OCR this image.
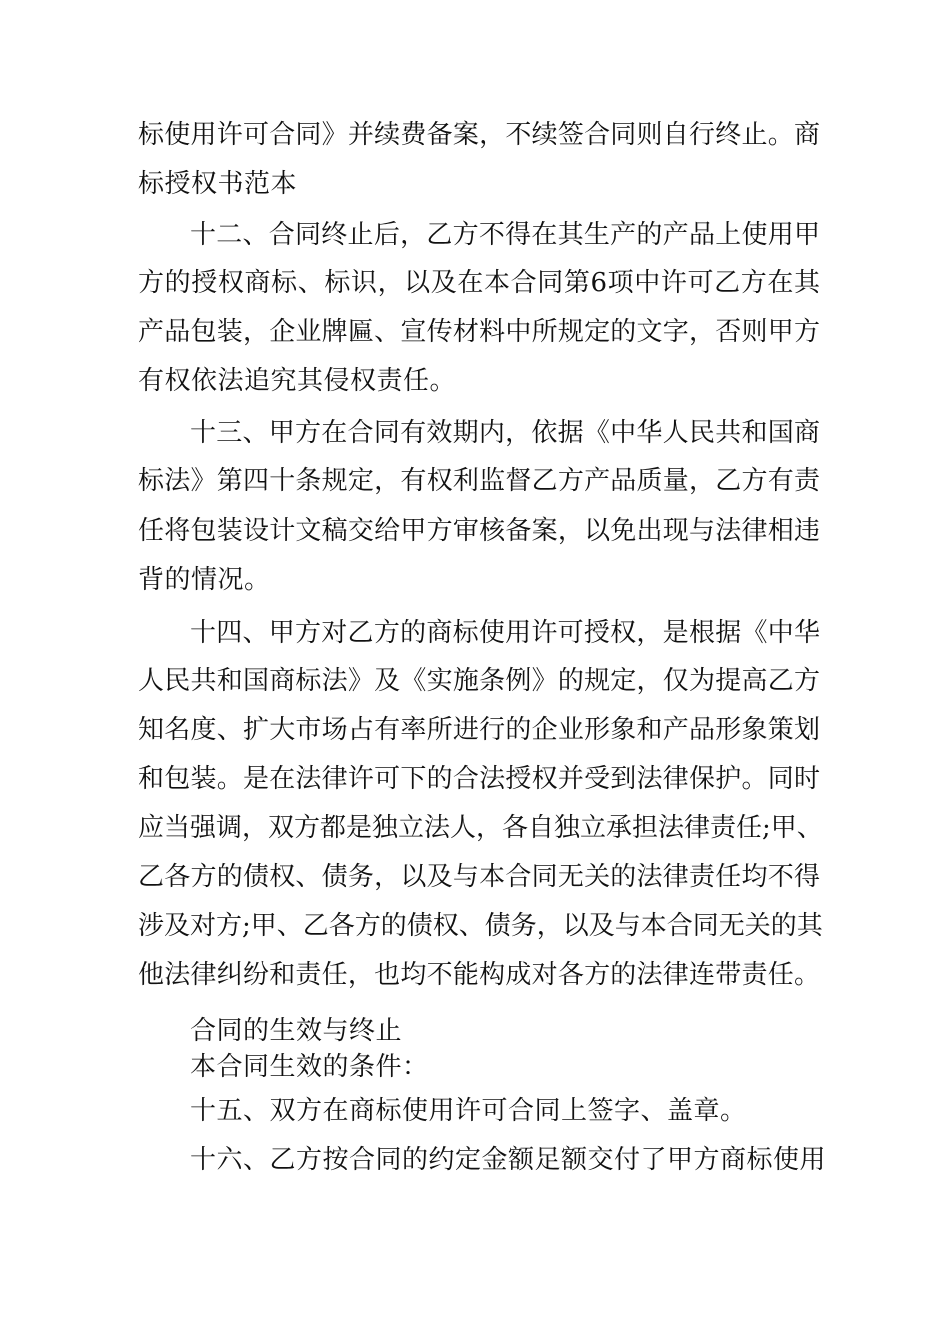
标使用许可合同》并续费备案，不续签合同则自行终止。商
标授权书范本
十二、合同终止后，乙方不得在其生产的产品上使用甲
方的授权商标、标识，以及在本合同第6项中许可乙方在其
产品包装，企业牌匾、宣传材料中所规定的文字，否则甲方
有权依法追究其侵权责任。
十三、甲方在合同有效期内，依据《中华人民共和国商
标法》第四十条规定，有权利监督乙方产品质量，乙方有责
任将包装设计文稿交给甲方审核备案，以免出现与法律相违
背的情况。
十四、甲方对乙方的商标使用许可授权，是根据《中华
人民共和国商标法》及《实施条例》的规定，仅为提高乙方
知名度、扩大市场占有率所进行的企业形象和产品形象策划
和包装。是在法律许可下的合法授权并受到法律保护。同时
应当强调，双方都是独立法人，各自独立承担法律责任;甲、
乙各方的债权、债务，以及与本合同无关的法律责任均不得
涉及对方;甲、乙各方的债权、债务，以及与本合同无关的其
他法律纠纷和责任，也均不能构成对各方的法律连带责任。
合同的生效与终止
本合同生效的条件：
十五、双方在商标使用许可合同上签字、盖章。
十六、乙方按合同的约定金额足额交付了甲方商标使用
